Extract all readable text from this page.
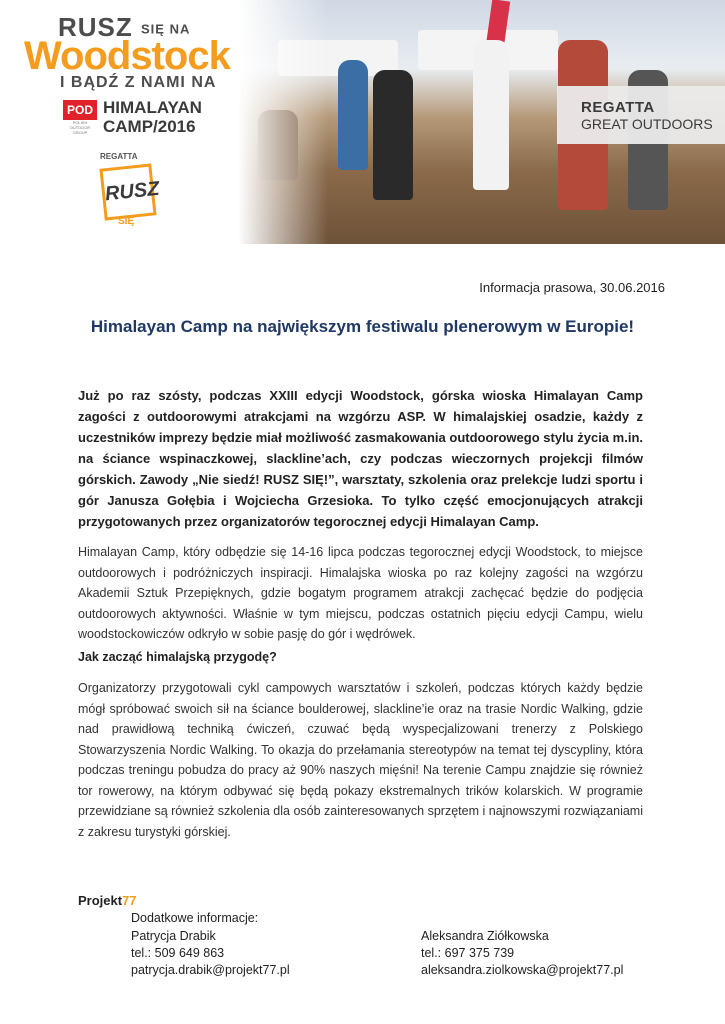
REGATTA
GREAT OUTDOORS
RUSZ SIĘ NA
Woodstock
I BĄDŹ Z NAMI NA
POD
POLISH OUTDOOR GROUP
HIMALAYAN
CAMP/2016
REGATTA
RUSZ
SIĘ
Informacja prasowa, 30.06.2016
Himalayan Camp na największym festiwalu plenerowym w Europie!
Już po raz szósty, podczas XXIII edycji Woodstock, górska wioska Himalayan Camp zagości z outdoorowymi atrakcjami na wzgórzu ASP. W himalajskiej osadzie, każdy z uczestników imprezy będzie miał możliwość zasmakowania outdoorowego stylu życia m.in. na ściance wspinaczkowej, slackline’ach, czy podczas wieczornych projekcji filmów górskich. Zawody „Nie siedź! RUSZ SIĘ!”, warsztaty, szkolenia oraz prelekcje ludzi sportu i gór Janusza Gołębia i Wojciecha Grzesioka. To tylko część emocjonujących atrakcji przygotowanych przez organizatorów tegorocznej edycji Himalayan Camp.
Himalayan Camp, który odbędzie się 14-16 lipca podczas tegorocznej edycji Woodstock, to miejsce outdoorowych i podróżniczych inspiracji. Himalajska wioska po raz kolejny zagości na wzgórzu Akademii Sztuk Przepięknych, gdzie bogatym programem atrakcji zachęcać będzie do podjęcia outdoorowych aktywności. Właśnie w tym miejscu, podczas ostatnich pięciu edycji Campu, wielu woodstockowiczów odkryło w sobie pasję do gór i wędrówek.
Jak zacząć himalajską przygodę?
Organizatorzy przygotowali cykl campowych warsztatów i szkoleń, podczas których każdy będzie mógł spróbować swoich sił na ściance boulderowej, slackline’ie oraz na trasie Nordic Walking, gdzie nad prawidłową techniką ćwiczeń, czuwać będą wyspecjalizowani trenerzy z Polskiego Stowarzyszenia Nordic Walking. To okazja do przełamania stereotypów na temat tej dyscypliny, która podczas treningu pobudza do pracy aż 90% naszych mięśni! Na terenie Campu znajdzie się również tor rowerowy, na którym odbywać się będą pokazy ekstremalnych trików kolarskich. W programie przewidziane są również szkolenia dla osób zainteresowanych sprzętem i najnowszymi rozwiązaniami z zakresu turystyki górskiej.
Projekt77
Dodatkowe informacje:
Patrycja Drabik
tel.: 509 649 863
patrycja.drabik@projekt77.pl
Aleksandra Ziółkowska
tel.: 697 375 739
aleksandra.ziolkowska@projekt77.pl
